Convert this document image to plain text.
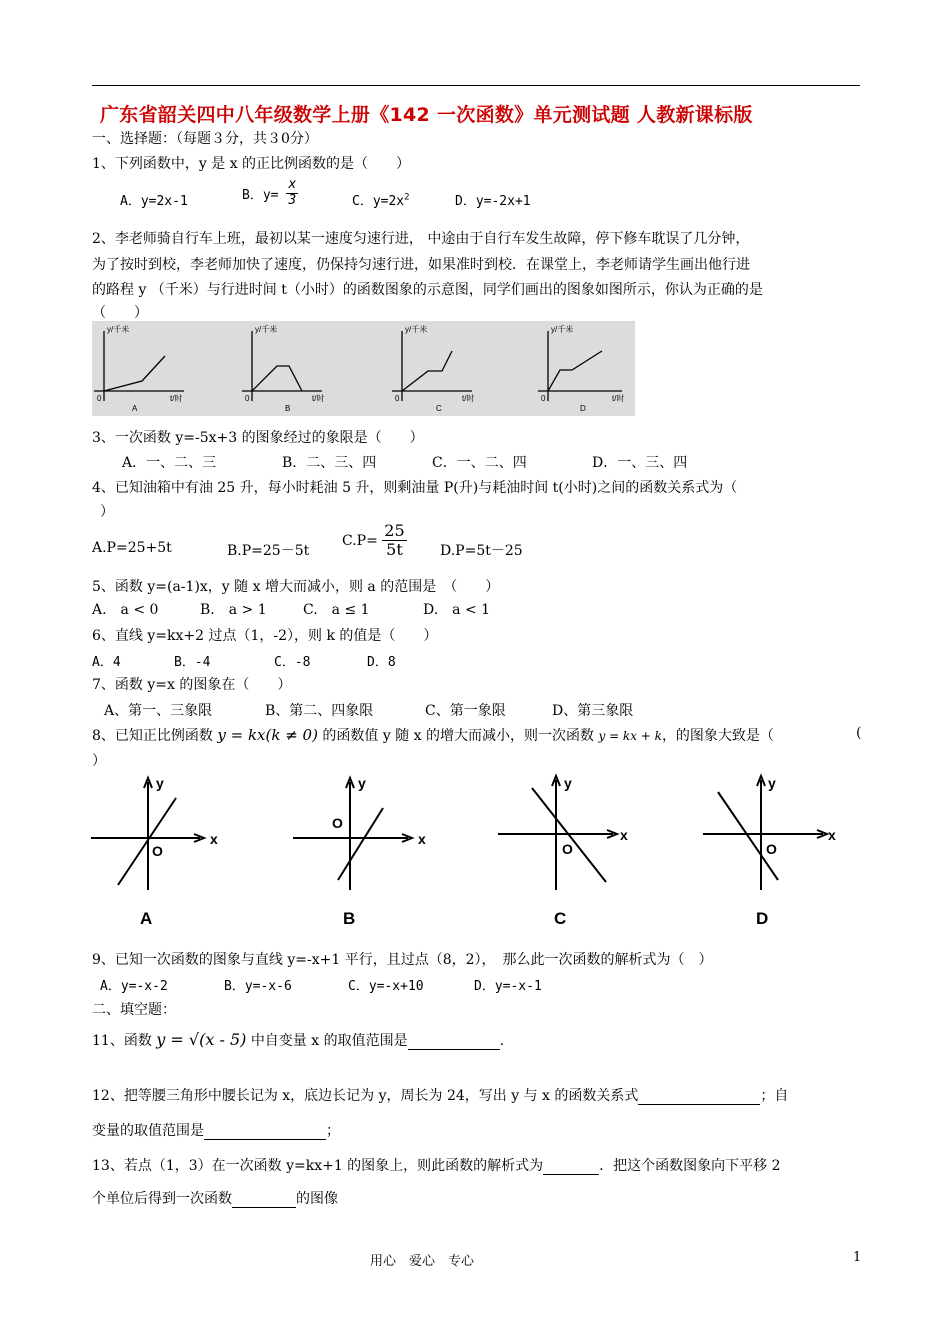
广东省韶关四中八年级数学上册《142 一次函数》单元测试题 人教新课标版
一、选择题：（每题３分，共３0分）
1、下列函数中，y 是 x 的正比例函数的是（　　）
A．y=2x-1	B．$y= \frac{x}{3}$	C．$y=2x^2$	D．y=-2x+1
2、李老师骑自行车上班，最初以某一速度匀速行进， 中途由于自行车发生故障，停下修车耽误了几分钟，
为了按时到校，李老师加快了速度，仍保持匀速行进，如果准时到校．在课堂上，李老师请学生画出他行进
的路程 y （千米）与行进时间 t（小时）的函数图象的示意图，同学们画出的图象如图所示，你认为正确的是
（　　）
y/千米
t/时
0
A
y/千米
t/时
0
B
y/千米
t/时
0
C
y/千米
t/时
0
D
3、一次函数 y=-5x+3 的图象经过的象限是（　　）
A．一、二、三	B．二、三、四	C．一、二、四	D．一、三、四
4、已知油箱中有油 25 升，每小时耗油 5 升，则剩油量 P(升)与耗油时间 t(小时)之间的函数关系式为（
）
A.P=25+5t	B.P=25－5t
$C.P= \frac{25}{5t} D.P=5t-25$
5、函数 y=(a-1)x，y 随 x 增大而减小，则 a 的范围是　（　　）
A.　a < 0	B.　a > 1	C.　a ≤ 1	D.　a < 1
6、直线 y=kx+2 过点（1，-2），则 k 的值是（　　）
A．4	B．-4	C．-8	D．8
7、函数 y=x 的图象在（　　）
A、第一、三象限	B、第二、四象限	C、第一象限	D、第三象限
8、已知正比例函数 y = kx(k ≠ 0) 的函数值 y 随 x 的增大而减小，则一次函数 y = kx + k，的图象大致是（	(
）
y
x
O
A
y
x
O
B
y
x
O
C
y
x
O
D
9、已知一次函数的图象与直线 y=-x+1 平行，且过点（8，2），　那么此一次函数的解析式为（　）
A．y=-x-2	B．y=-x-6	C．y=-x+10	D．y=-x-1
二、填空题：
11、函数 y = √(x - 5) 中自变量 x 的取值范围是	.
12、把等腰三角形中腰长记为 x，底边长记为 y，周长为 24，写出 y 与 x 的函数关系式	；自
变量的取值范围是	；
13、若点（1，3）在一次函数 y=kx+1 的图象上，则此函数的解析式为	．把这个函数图象向下平移 2
个单位后得到一次函数	的图像
用心　爱心　专心	1
